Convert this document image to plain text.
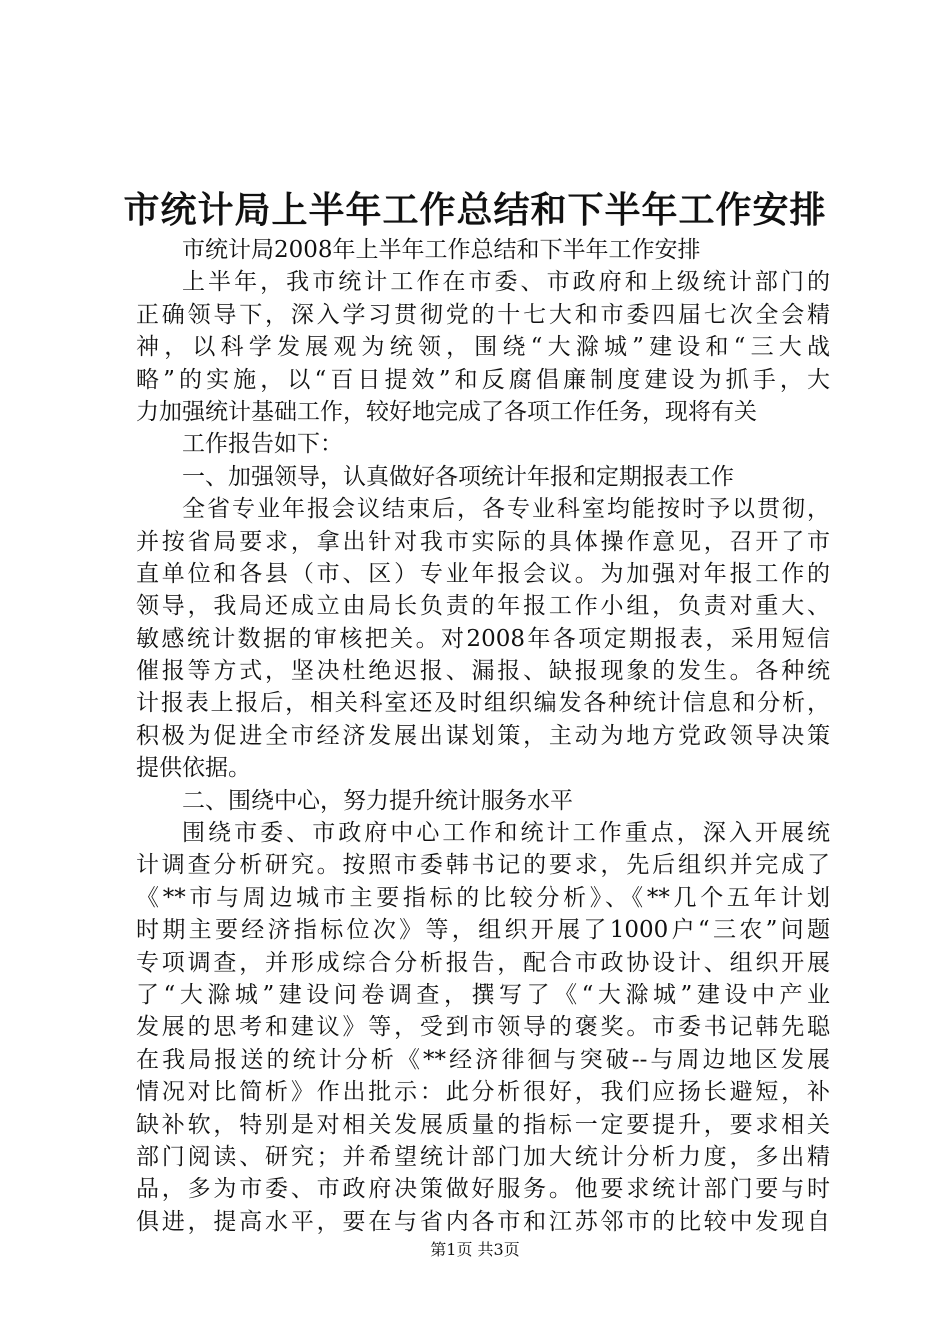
市统计局上半年工作总结和下半年工作安排
市统计局2008年上半年工作总结和下半年工作安排
上半年，我市统计工作在市委、市政府和上级统计部门的
正确领导下，深入学习贯彻党的十七大和市委四届七次全会精
神，以科学发展观为统领，围绕“大滁城”建设和“三大战
略”的实施，以“百日提效”和反腐倡廉制度建设为抓手，大
力加强统计基础工作，较好地完成了各项工作任务，现将有关
工作报告如下：
一、加强领导，认真做好各项统计年报和定期报表工作
全省专业年报会议结束后，各专业科室均能按时予以贯彻，
并按省局要求，拿出针对我市实际的具体操作意见，召开了市
直单位和各县（市、区）专业年报会议。为加强对年报工作的
领导，我局还成立由局长负责的年报工作小组，负责对重大、
敏感统计数据的审核把关。对2008年各项定期报表，采用短信
催报等方式，坚决杜绝迟报、漏报、缺报现象的发生。各种统
计报表上报后，相关科室还及时组织编发各种统计信息和分析，
积极为促进全市经济发展出谋划策，主动为地方党政领导决策
提供依据。
二、围绕中心，努力提升统计服务水平
围绕市委、市政府中心工作和统计工作重点，深入开展统
计调查分析研究。按照市委韩书记的要求，先后组织并完成了
《**市与周边城市主要指标的比较分析》、《**几个五年计划
时期主要经济指标位次》等，组织开展了1000户“三农”问题
专项调查，并形成综合分析报告，配合市政协设计、组织开展
了“大滁城”建设问卷调查，撰写了《“大滁城”建设中产业
发展的思考和建议》等，受到市领导的褒奖。市委书记韩先聪
在我局报送的统计分析《**经济徘徊与突破--与周边地区发展
情况对比简析》作出批示：此分析很好，我们应扬长避短，补
缺补软，特别是对相关发展质量的指标一定要提升，要求相关
部门阅读、研究；并希望统计部门加大统计分析力度，多出精
品，多为市委、市政府决策做好服务。他要求统计部门要与时
俱进，提高水平，要在与省内各市和江苏邻市的比较中发现自
第1页 共3页
